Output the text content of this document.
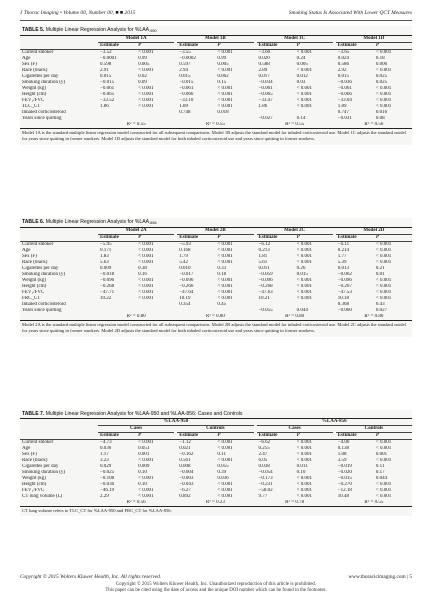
J Thorac Imaging • Volume 00, Number 00, ■ ■ 2015	Smoking Status Is Associated With Lower QCT Measures
TABLE 5. Multiple Linear Regression Analysis for $\%LAA_{-950}$
	Model 1A			Model 1B			Model 1C			Model 1D	
	Estimate	P		Estimate	P		Estimate	P		Estimate	P
Current smoker	−3.52	< 0.001		−3.55	< 0.001		−3.60	< 0.001		−3.65	< 0.001
Age	−0.0001	0.99		−0.0002	0.99		0.020	0.24		0.024	0.18
Sex (F)	0.598	0.005		0.597	0.005		0.588	0.005		0.586	0.006
Race (black)	2.91	< 0.001		2.94	< 0.001		2.89	< 0.001		2.92	< 0.001
Cigarettes per day	0.015	0.02		0.015	0.062		0.017	0.012		0.015	0.025
Smoking duration (y)	−0.015	0.09		−0.015	0.15		−0.034	0.03		−0.036	0.025
Weight (kg)	−0.061	< 0.001		−0.061	< 0.001		−0.061	< 0.001		−0.061	< 0.001
Height (cm)	−0.065	< 0.001		−0.066	< 0.001		−0.065	< 0.001		−0.066	< 0.001
FEV₁/FVC	−33.52	< 0.001		−33.10	< 0.001		−33.47	< 0.001		−33.04	< 0.001
TLC_CT	1.86	< 0.001		1.89	< 0.001		1.86	< 0.001		1.89	< 0.001
Inhaled corticosteroid				0.748	0.018					0.747	0.016
Years since quitting							−0.027	0.14		−0.031	0.08
	R² = 0.55			R² = 0.55			R² = 0.55			R² = 0.56	
Model 1A is the standard multiple linear regression model constructed for all subsequent comparisons. Model 1B adjusts the standard model for inhaled corticosteroid use. Model 1C adjusts the standard model for years since quitting in former smokers. Model 1D adjusts the standard model for both inhaled corticosteroid use and years since quitting in former smokers.
TABLE 6. Multiple Linear Regression Analysis for $\%LAA_{-856}$
	Model 2A			Model 2B			Model 2C			Model 2D	
	Estimate	P		Estimate	P		Estimate	P		Estimate	P
Current smoker	−5.95	< 0.001		−5.93	< 0.001		−6.12	< 0.001		−6.11	< 0.001
Age	0.171	< 0.001		0.168	< 0.001		0.213	< 0.001		0.214	< 0.001
Sex (F)	1.83	< 0.001		1.79	< 0.001		1.81	< 0.001		1.77	< 0.001
Race (black)	5.63	< 0.001		5.42	< 0.001		5.61	< 0.001		5.39	< 0.001
Cigarettes per day	0.009	0.38		0.010	0.33		0.011	0.26		0.013	0.21
Smoking duration (y)	−0.018	0.16		−0.017	0.18		−0.059	0.015		−0.062	0.01
Weight (kg)	−0.096	< 0.001		−0.096	< 0.001		−0.096	< 0.001		−0.096	< 0.001
Height (cm)	−0.268	< 0.001		−0.266	< 0.001		−0.268	< 0.001		−0.267	< 0.001
FEV₁/FVC	−47.71	< 0.001		−47.64	< 0.001		−47.63	< 0.001		−47.53	< 0.001
FRC_CT	10.22	< 0.001		10.19	< 0.001		10.21	< 0.001		10.18	< 0.001
Inhaled corticosteroid				0.354	0.45					0.368	0.43
Years since quitting							−0.055	0.044		−0.060	0.027
	R² = 0.80			R² = 0.80			R² = 0.80			R² = 0.80	
Model 2A is the standard multiple linear regression model constructed for all subsequent comparisons. Model 2B adjusts the standard model for inhaled corticosteroid use. Model 2C adjusts the standard model for years since quitting in former smokers. Model 2D adjusts the standard model for both inhaled corticosteroid use and years since quitting in former smokers.
TABLE 7. Multiple Linear Regression Analysis for %LAA-950 and %LAA-856: Cases and Controls
	%LAA-950						%LAA-856				
	Cases			Controls			Cases			Controls	
	Estimate	P		Estimate	P		Estimate	P		Estimate	P
Current smoker	−4.73	< 0.001		−1.12	< 0.001		−6.62	< 0.001		−4.06	< 0.001
Age	0.036	0.053		0.021	< 0.001		0.255	< 0.001		0.138	< 0.001
Sex (F)	1.17	0.001		−0.162	0.11		2.47	< 0.001		1.08	0.001
Race (black)	3.23	< 0.001		0.561	< 0.001		6.05	< 0.001		3.59	< 0.001
Cigarettes per day	0.029	0.009		0.008	0.055		0.038	0.011		−0.019	0.11
Smoking duration (y)	−0.025	0.10		−0.004	0.39		−0.054	0.10		−0.020	0.17
Weight (kg)	−0.108	< 0.001		−0.003	0.036		−0.173	< 0.001		−0.015	0.044
Height (cm)	−0.036	0.10		−0.043	< 0.001		−0.231	< 0.001		−0.270	< 0.001
FEV₁/FVC	−46.19	< 0.001		−6.27	< 0.001		−58.02	< 0.001		−12.18	< 0.001
CT lung volume (L)	2.29	< 0.001		0.892	< 0.001		9.77	< 0.001		10.48	< 0.001
	R² = 0.56			R² = 0.23			R² = 0.78			R² = 0.55	
CT lung volume refers to TLC_CT for %LAA-950 and FRC_CT for %LAA-856.
Copyright © 2015 Wolters Kluwer Health, Inc. All rights reserved.	www.thoracicimaging.com | 5
Copyright © 2015 Wolters Kluwer Health, Inc. Unauthorized reproduction of this article is prohibited.
This paper can be cited using the date of access and the unique DOI number which can be found in the footnotes.
